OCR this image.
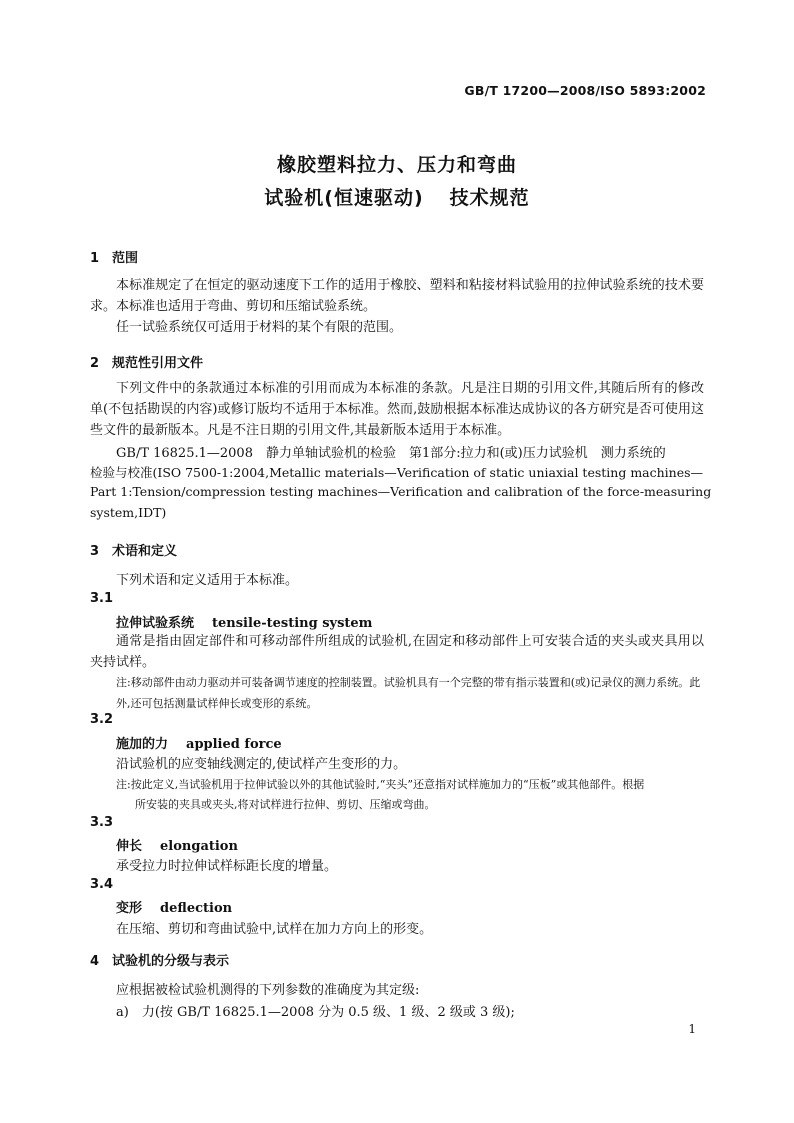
GB/T 17200—2008/ISO 5893:2002
橡胶塑料拉力、压力和弯曲
试验机(恒速驱动) 技术规范
1 范围
本标准规定了在恒定的驱动速度下工作的适用于橡胶、塑料和粘接材料试验用的拉伸试验系统的技术要求。本标准也适用于弯曲、剪切和压缩试验系统。
任一试验系统仅可适用于材料的某个有限的范围。
2 规范性引用文件
下列文件中的条款通过本标准的引用而成为本标准的条款。凡是注日期的引用文件,其随后所有的修改单(不包括勘误的内容)或修订版均不适用于本标准。然而,鼓励根据本标准达成协议的各方研究是否可使用这些文件的最新版本。凡是不注日期的引用文件,其最新版本适用于本标准。
GB/T 16825.1—2008　静力单轴试验机的检验　第1部分:拉力和(或)压力试验机　测力系统的
检验与校准(ISO 7500-1:2004,Metallic materials—Verification of static uniaxial testing machines—
Part 1:Tension/compression testing machines—Verification and calibration of the force-measuring
system,IDT)
3 术语和定义
下列术语和定义适用于本标准。
3.1
拉伸试验系统 tensile-testing system
通常是指由固定部件和可移动部件所组成的试验机,在固定和移动部件上可安装合适的夹头或夹具用以夹持试样。
注:移动部件由动力驱动并可装备调节速度的控制装置。试验机具有一个完整的带有指示装置和(或)记录仪的测力系统。此外,还可包括测量试样伸长或变形的系统。
3.2
施加的力 applied force
沿试验机的应变轴线测定的,使试样产生变形的力。
注:按此定义,当试验机用于拉伸试验以外的其他试验时,“夹头”还意指对试样施加力的“压板”或其他部件。根据
所安装的夹具或夹头,将对试样进行拉伸、剪切、压缩或弯曲。
3.3
伸长 elongation
承受拉力时拉伸试样标距长度的增量。
3.4
变形 deflection
在压缩、剪切和弯曲试验中,试样在加力方向上的形变。
4 试验机的分级与表示
应根据被检试验机测得的下列参数的准确度为其定级:
a)　力(按 GB/T 16825.1—2008 分为 0.5 级、1 级、2 级或 3 级);
1
